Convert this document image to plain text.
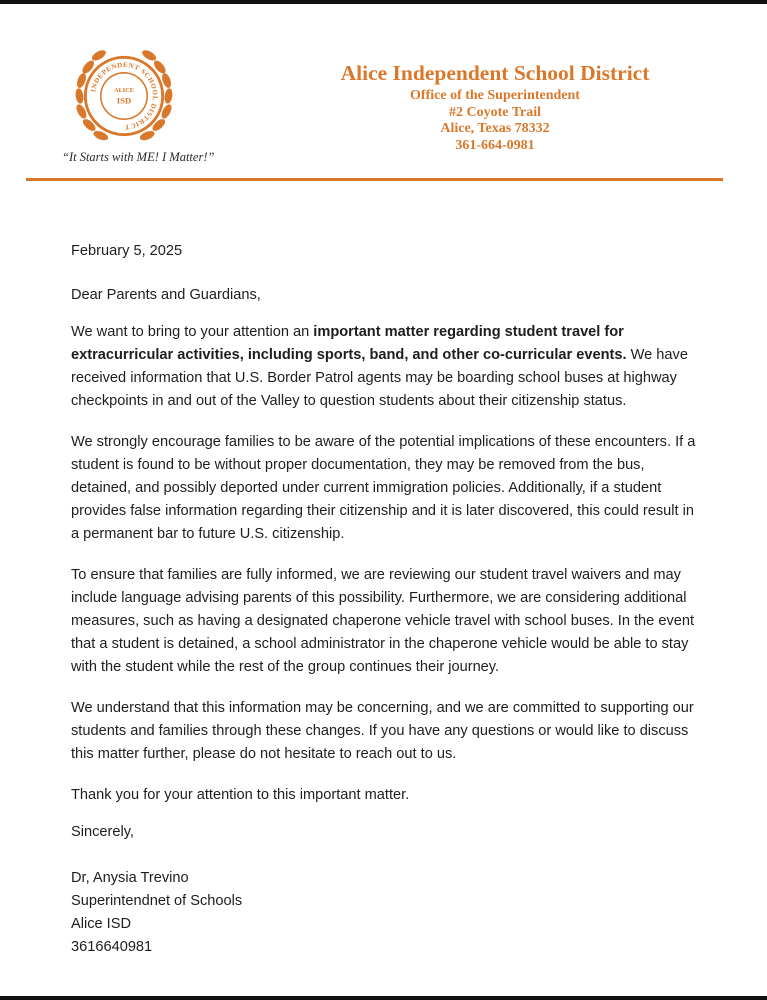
INDEPENDENT SCHOOL DISTRICT
ALICE
ISD
“It Starts with ME! I Matter!”
Alice Independent School District
Office of the Superintendent
#2 Coyote Trail
Alice, Texas 78332
361-664-0981

February 5, 2025

Dear Parents and Guardians,

We want to bring to your attention an important matter regarding student travel for extracurricular activities, including sports, band, and other co-curricular events. We have received information that U.S. Border Patrol agents may be boarding school buses at highway checkpoints in and out of the Valley to question students about their citizenship status.

We strongly encourage families to be aware of the potential implications of these encounters. If a student is found to be without proper documentation, they may be removed from the bus, detained, and possibly deported under current immigration policies. Additionally, if a student provides false information regarding their citizenship and it is later discovered, this could result in a permanent bar to future U.S. citizenship.

To ensure that families are fully informed, we are reviewing our student travel waivers and may include language advising parents of this possibility. Furthermore, we are considering additional measures, such as having a designated chaperone vehicle travel with school buses. In the event that a student is detained, a school administrator in the chaperone vehicle would be able to stay with the student while the rest of the group continues their journey.

We understand that this information may be concerning, and we are committed to supporting our students and families through these changes. If you have any questions or would like to discuss this matter further, please do not hesitate to reach out to us.

Thank you for your attention to this important matter.

Sincerely,

Dr, Anysia Trevino
Superintendnet of Schools
Alice ISD
3616640981
